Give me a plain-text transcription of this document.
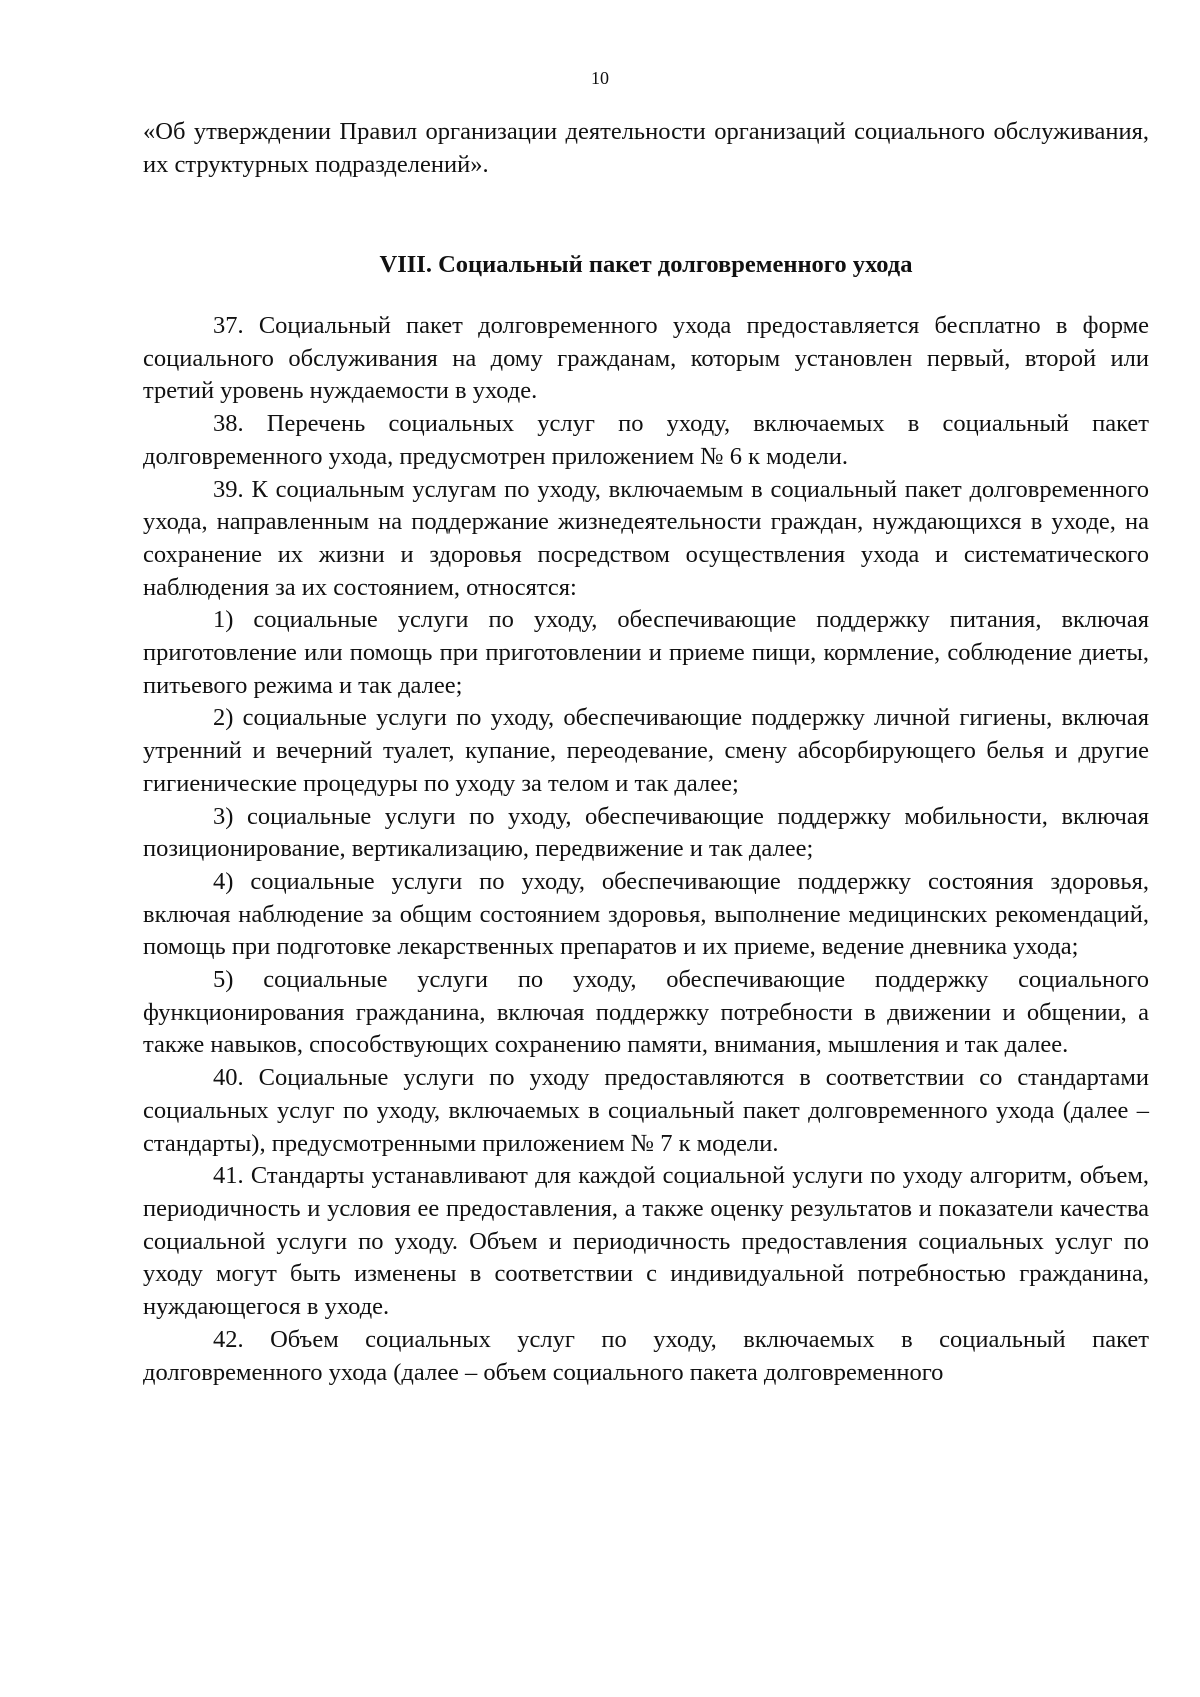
10

«Об утверждении Правил организации деятельности организаций социального обслуживания, их структурных подразделений».

VIII. Социальный пакет долговременного ухода

37. Социальный пакет долговременного ухода предоставляется бесплатно в форме социального обслуживания на дому гражданам, которым установлен первый, второй или третий уровень нуждаемости в уходе.

38. Перечень социальных услуг по уходу, включаемых в социальный пакет долговременного ухода, предусмотрен приложением № 6 к модели.

39. К социальным услугам по уходу, включаемым в социальный пакет долговременного ухода, направленным на поддержание жизнедеятельности граждан, нуждающихся в уходе, на сохранение их жизни и здоровья посредством осуществления ухода и систематического наблюдения за их состоянием, относятся:

1) социальные услуги по уходу, обеспечивающие поддержку питания, включая приготовление или помощь при приготовлении и приеме пищи, кормление, соблюдение диеты, питьевого режима и так далее;

2) социальные услуги по уходу, обеспечивающие поддержку личной гигиены, включая утренний и вечерний туалет, купание, переодевание, смену абсорбирующего белья и другие гигиенические процедуры по уходу за телом и так далее;

3) социальные услуги по уходу, обеспечивающие поддержку мобильности, включая позиционирование, вертикализацию, передвижение и так далее;

4) социальные услуги по уходу, обеспечивающие поддержку состояния здоровья, включая наблюдение за общим состоянием здоровья, выполнение медицинских рекомендаций, помощь при подготовке лекарственных препаратов и их приеме, ведение дневника ухода;

5) социальные услуги по уходу, обеспечивающие поддержку социального функционирования гражданина, включая поддержку потребности в движении и общении, а также навыков, способствующих сохранению памяти, внимания, мышления и так далее.

40. Социальные услуги по уходу предоставляются в соответствии со стандартами социальных услуг по уходу, включаемых в социальный пакет долговременного ухода (далее – стандарты), предусмотренными приложением № 7 к модели.

41. Стандарты устанавливают для каждой социальной услуги по уходу алгоритм, объем, периодичность и условия ее предоставления, а также оценку результатов и показатели качества социальной услуги по уходу. Объем и периодичность предоставления социальных услуг по уходу могут быть изменены в соответствии с индивидуальной потребностью гражданина, нуждающегося в уходе.

42. Объем социальных услуг по уходу, включаемых в социальный пакет долговременного ухода (далее – объем социального пакета долговременного
